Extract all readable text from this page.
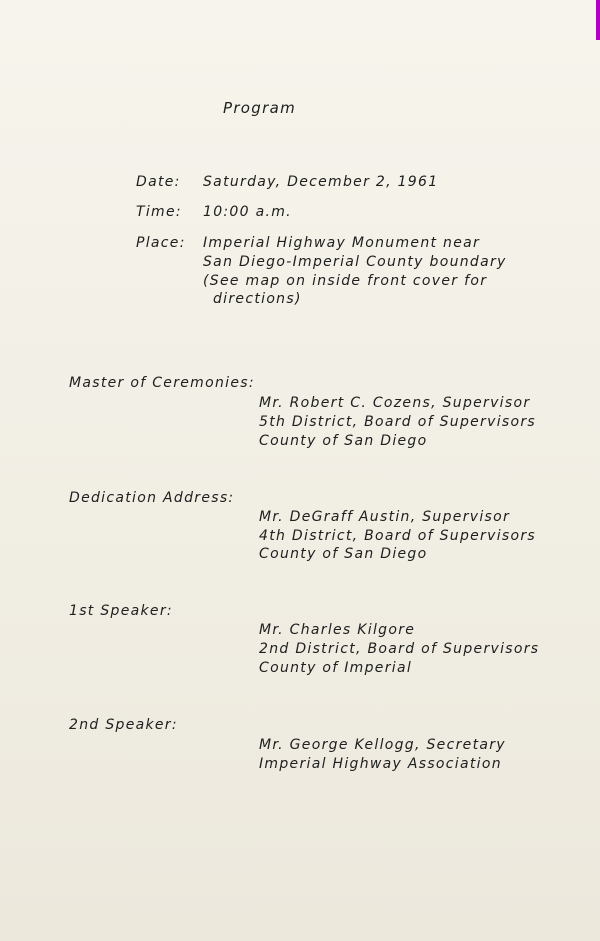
Program
Date: Saturday, December 2, 1961
Time: 10:00 a.m.
Place: Imperial Highway Monument near
San Diego-Imperial County boundary
(See map on inside front cover for
directions)
Master of Ceremonies:
Mr. Robert C. Cozens, Supervisor
5th District, Board of Supervisors
County of San Diego
Dedication Address:
Mr. DeGraff Austin, Supervisor
4th District, Board of Supervisors
County of San Diego
1st Speaker:
Mr. Charles Kilgore
2nd District, Board of Supervisors
County of Imperial
2nd Speaker:
Mr. George Kellogg, Secretary
Imperial Highway Association
